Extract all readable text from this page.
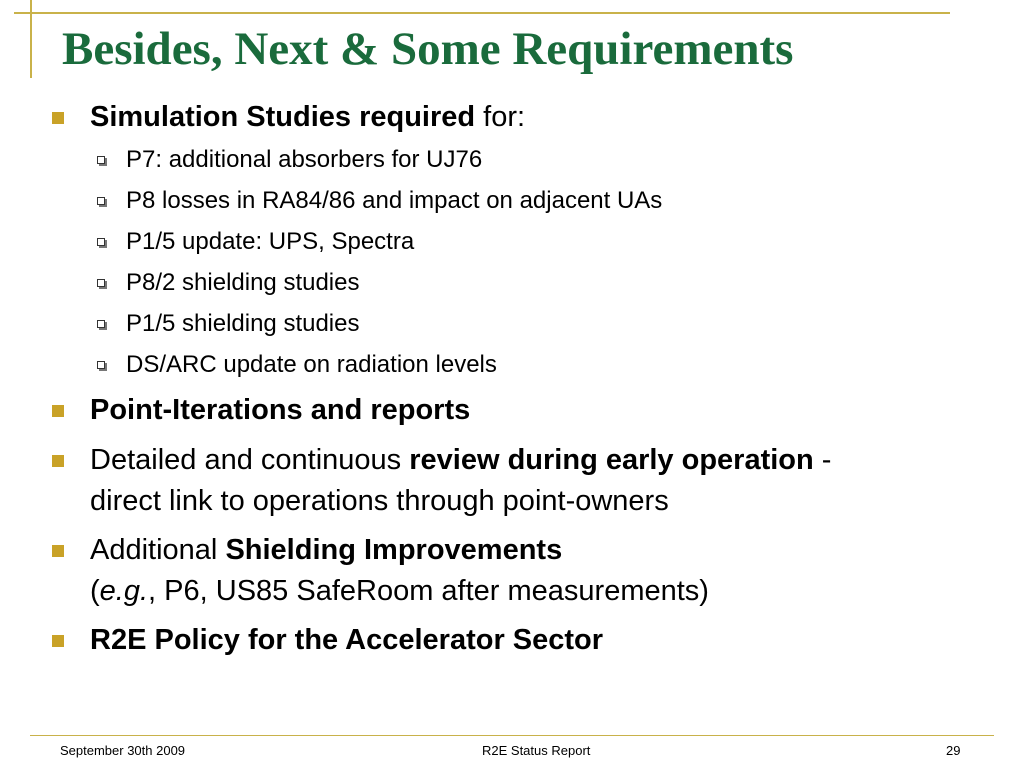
Besides, Next & Some Requirements
Simulation Studies required for:
P7: additional absorbers for UJ76
P8 losses in RA84/86 and impact on adjacent UAs
P1/5 update: UPS, Spectra
P8/2 shielding studies
P1/5 shielding studies
DS/ARC update on radiation levels
Point-Iterations and reports
Detailed and continuous review during early operation -
direct link to operations through point-owners
Additional Shielding Improvements
(e.g., P6, US85 SafeRoom after measurements)
R2E Policy for the Accelerator Sector
September 30th 2009	R2E Status Report	29
